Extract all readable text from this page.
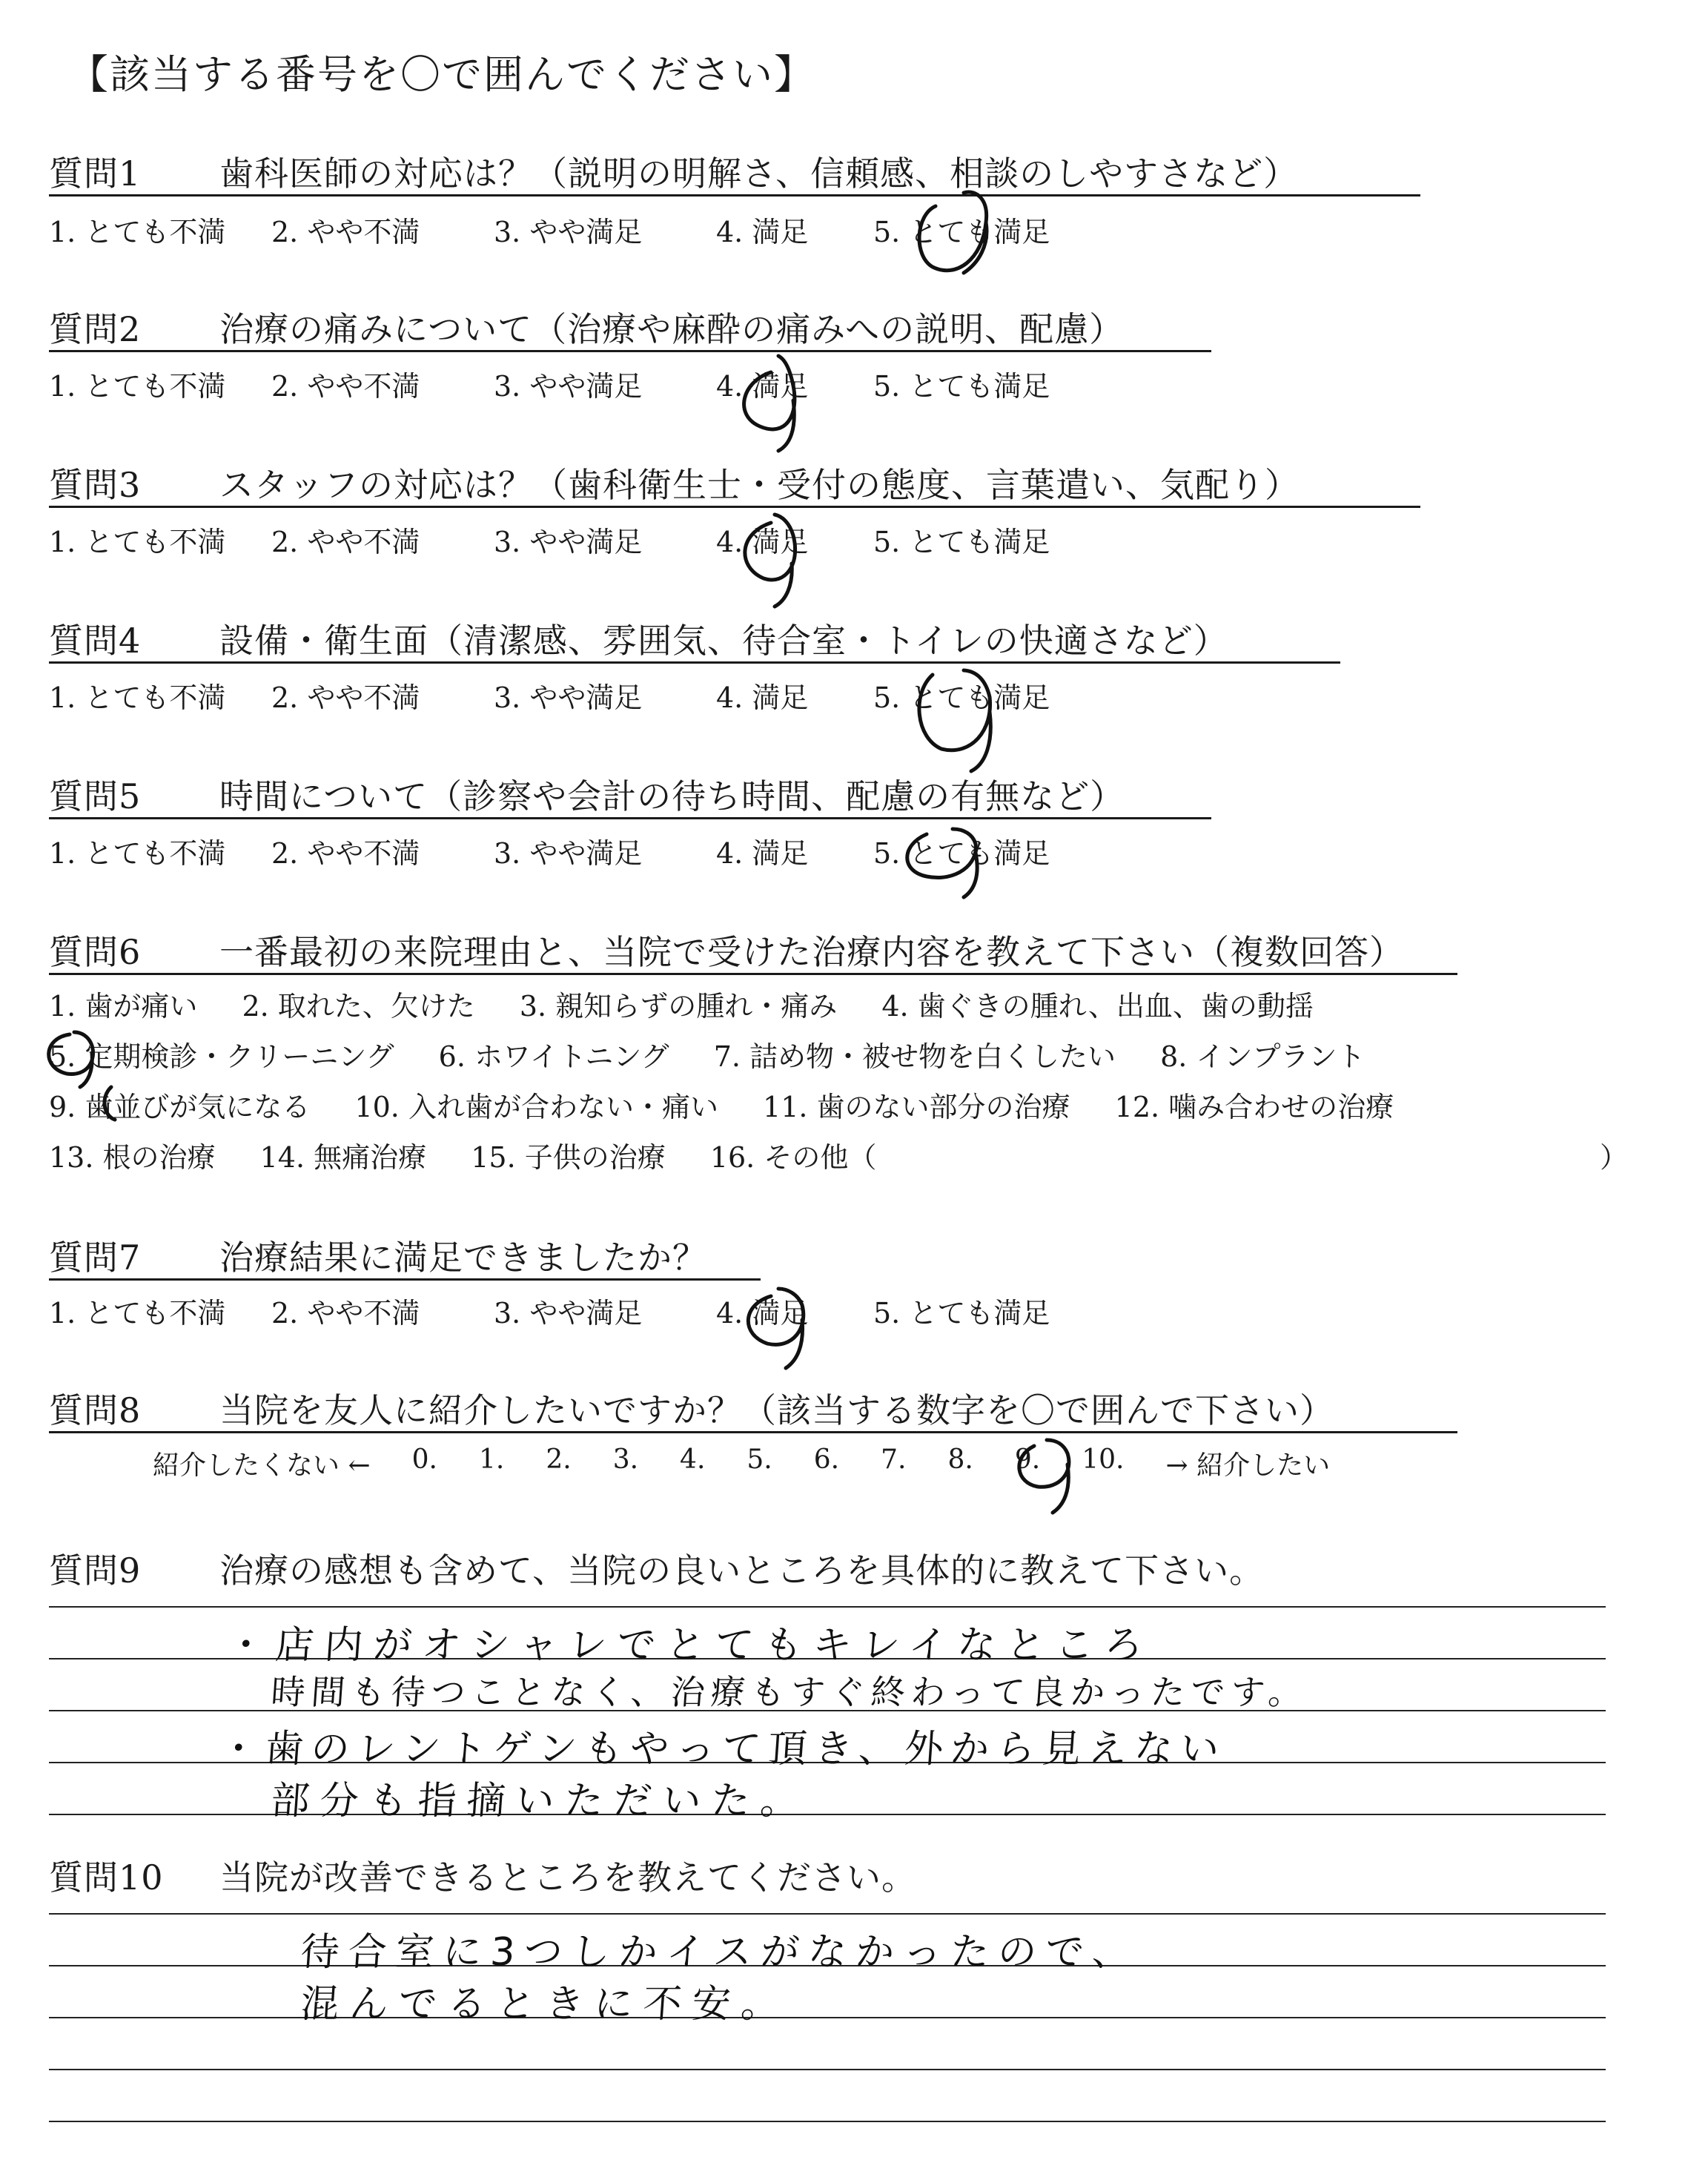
【該当する番号を〇で囲んでください】
質問1 歯科医師の対応は？（説明の明解さ、信頼感、相談のしやすさなど）
1. とても不満	2. やや不満	3. やや満足	4. 満足	5. とても満足
質問2 治療の痛みについて（治療や麻酔の痛みへの説明、配慮）
1. とても不満	2. やや不満	3. やや満足	4. 満足	5. とても満足
質問3 スタッフの対応は？（歯科衛生士・受付の態度、言葉遣い、気配り）
1. とても不満	2. やや不満	3. やや満足	4. 満足	5. とても満足
質問4 設備・衛生面（清潔感、雰囲気、待合室・トイレの快適さなど）
1. とても不満	2. やや不満	3. やや満足	4. 満足	5. とても満足
質問5 時間について（診察や会計の待ち時間、配慮の有無など）
1. とても不満	2. やや不満	3. やや満足	4. 満足	5. とても満足
質問6 一番最初の来院理由と、当院で受けた治療内容を教えて下さい（複数回答）
1. 歯が痛い 2. 取れた、欠けた 3. 親知らずの腫れ・痛み 4. 歯ぐきの腫れ、出血、歯の動揺
5. 定期検診・クリーニング 6. ホワイトニング 7. 詰め物・被せ物を白くしたい 8. インプラント
9. 歯並びが気になる 10. 入れ歯が合わない・痛い 11. 歯のない部分の治療 12. 噛み合わせの治療
13. 根の治療 14. 無痛治療 15. 子供の治療 16. その他（	）
質問7 治療結果に満足できましたか？
1. とても不満	2. やや不満	3. やや満足	4. 満足	5. とても満足
質問8 当院を友人に紹介したいですか？（該当する数字を〇で囲んで下さい）
紹介したくない ← 0. 1. 2. 3. 4. 5. 6. 7. 8. 9. 10. → 紹介したい
質問9 治療の感想も含めて、当院の良いところを具体的に教えて下さい。
・店内がオシャレでとてもキレイなところ
時間も待つことなく、治療もすぐ終わって良かったです。
・歯のレントゲンもやって頂き、外から見えない
部分も指摘いただいた。
質問10 当院が改善できるところを教えてください。
待合室に3つしかイスがなかったので、
混んでるときに不安。
